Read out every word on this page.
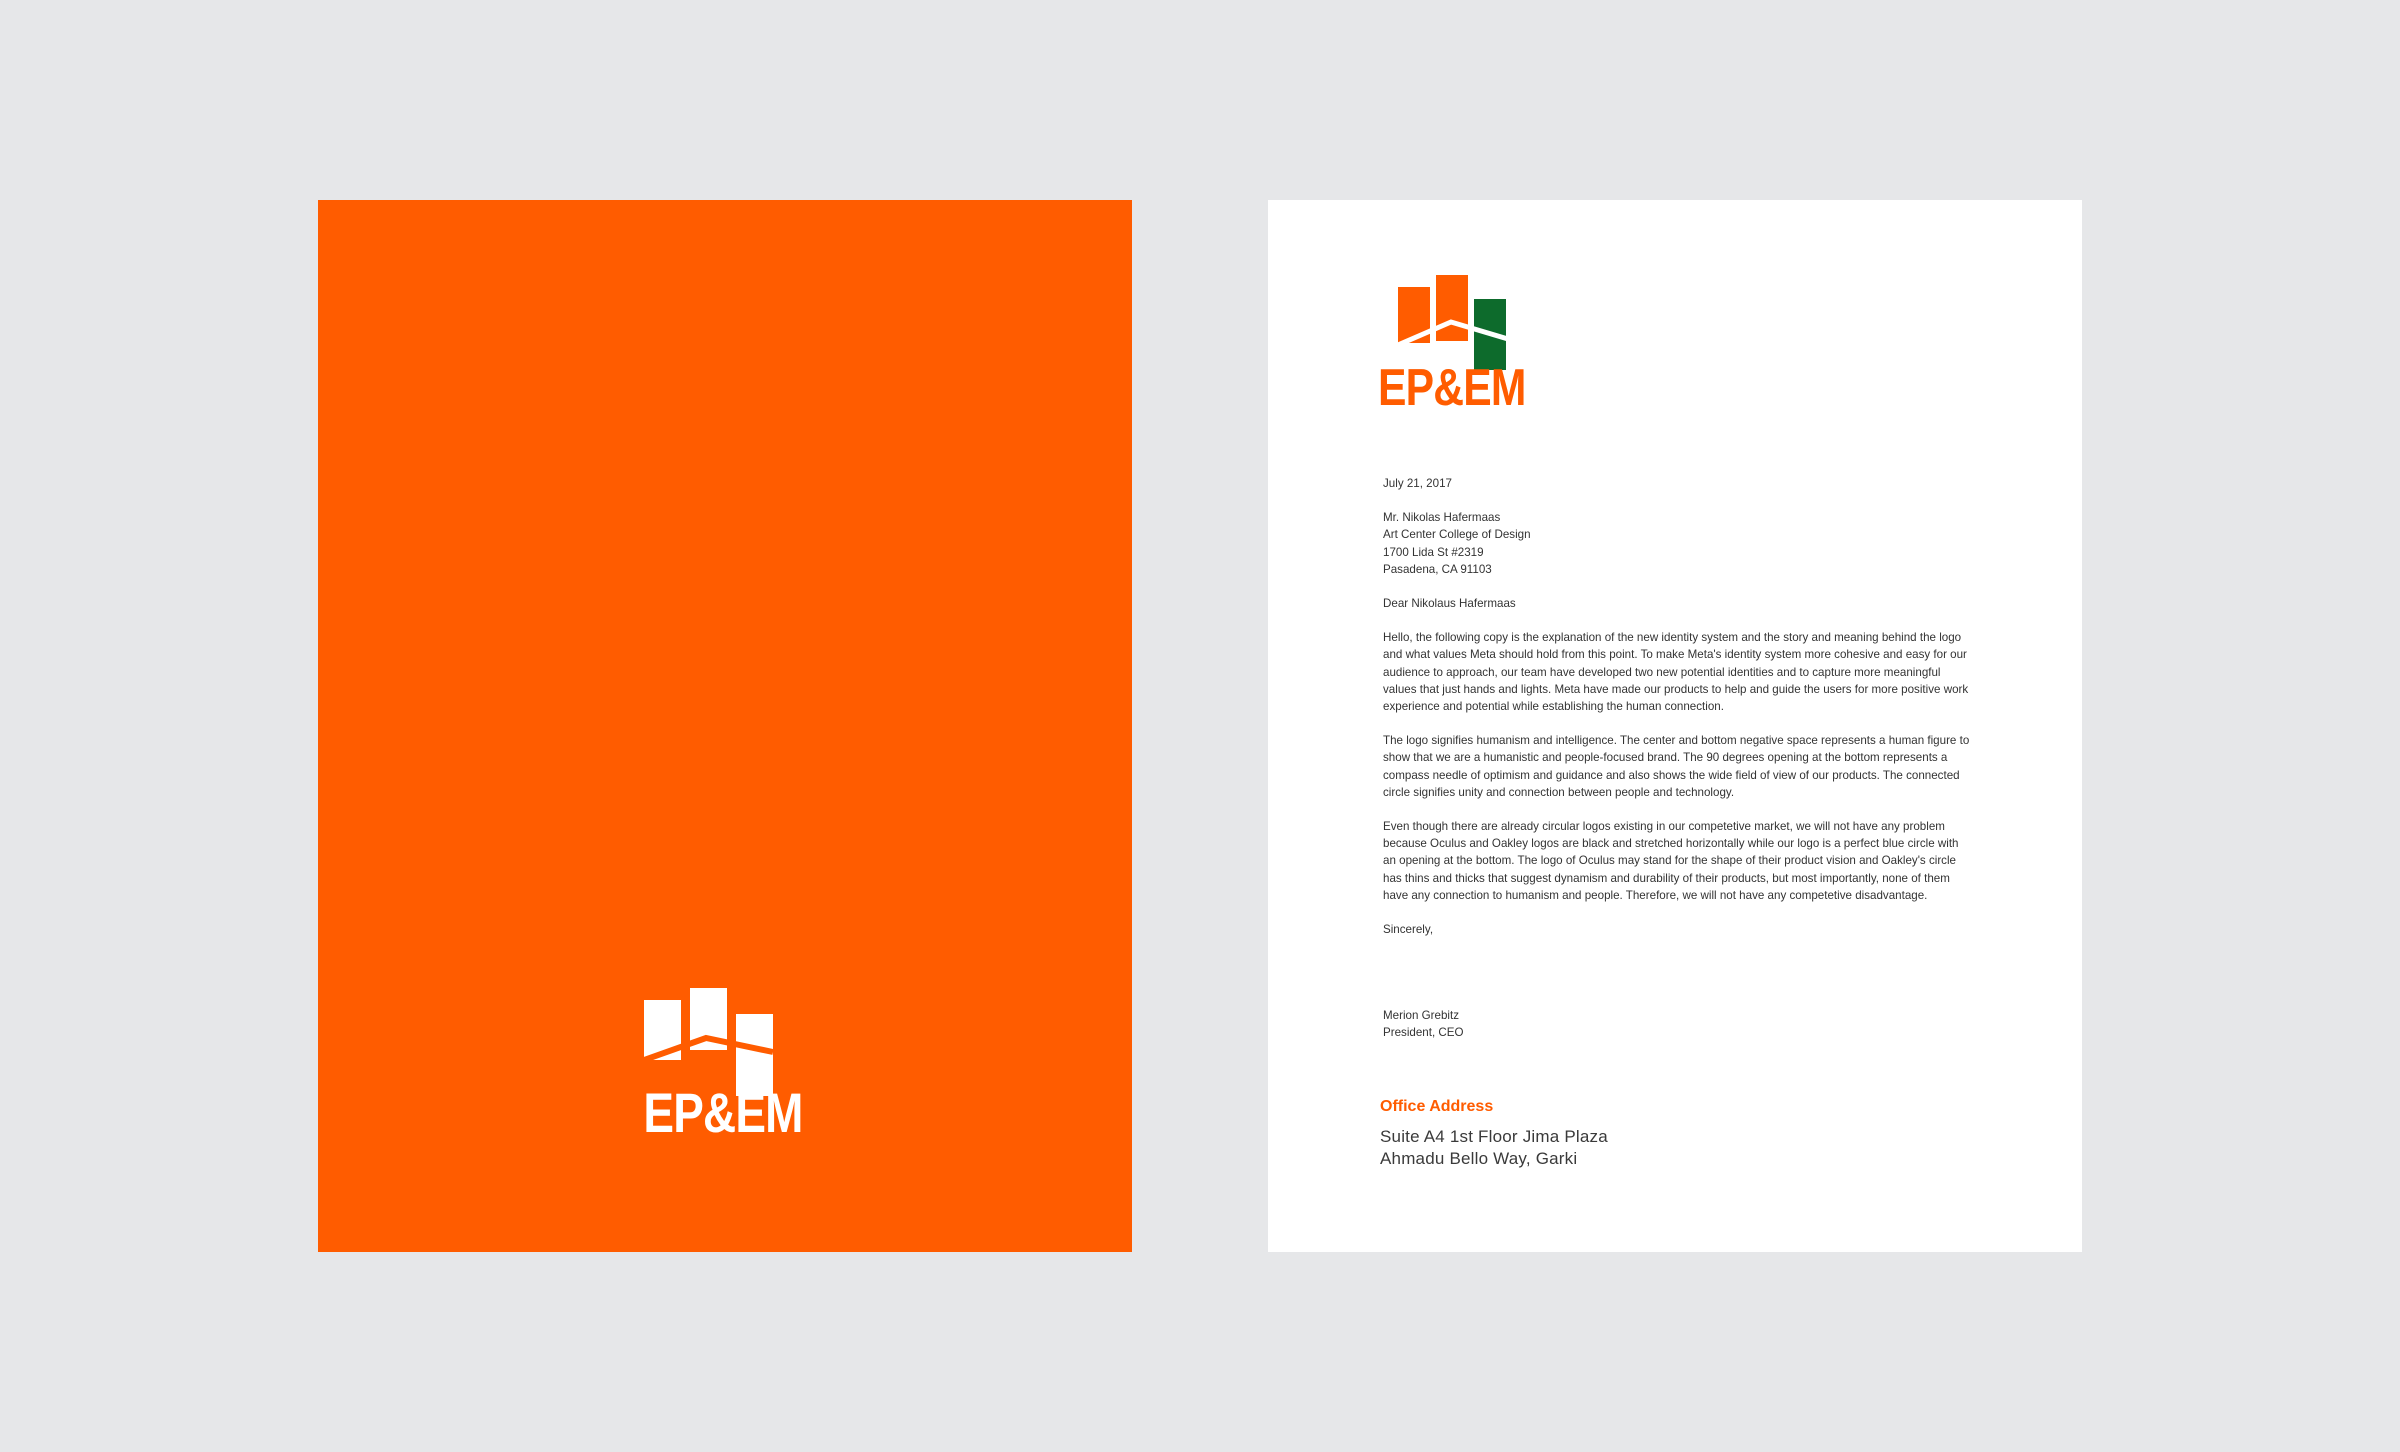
EP&EM
EP&EM
July 21, 2017
Mr. Nikolas Hafermaas
Art Center College of Design
1700 Lida St #2319
Pasadena, CA 91103
Dear Nikolaus Hafermaas

Hello, the following copy is the explanation of the new identity system and the story and meaning behind the logo and what values Meta should hold from this point. To make Meta's identity system more cohesive and easy for our audience to approach, our team have developed two new potential identities and to capture more meaningful values that just hands and lights. Meta have made our products to help and guide the users for more positive work experience and potential while establishing the human connection.

The logo signifies humanism and intelligence. The center and bottom negative space represents a human figure to show that we are a humanistic and people-focused brand. The 90 degrees opening at the bottom represents a compass needle of optimism and guidance and also shows the wide field of view of our products. The connected circle signifies unity and connection between people and technology.

Even though there are already circular logos existing in our competetive market, we will not have any problem because Oculus and Oakley logos are black and stretched horizontally while our logo is a perfect blue circle with an opening at the bottom. The logo of Oculus may stand for the shape of their product vision and Oakley's circle has thins and thicks that suggest dynamism and durability of their products, but most importantly, none of them have any connection to humanism and people. Therefore, we will not have any competetive disadvantage.

Sincerely,
Merion Grebitz
President, CEO
Office Address
Suite A4 1st Floor Jima Plaza
Ahmadu Bello Way, Garki
